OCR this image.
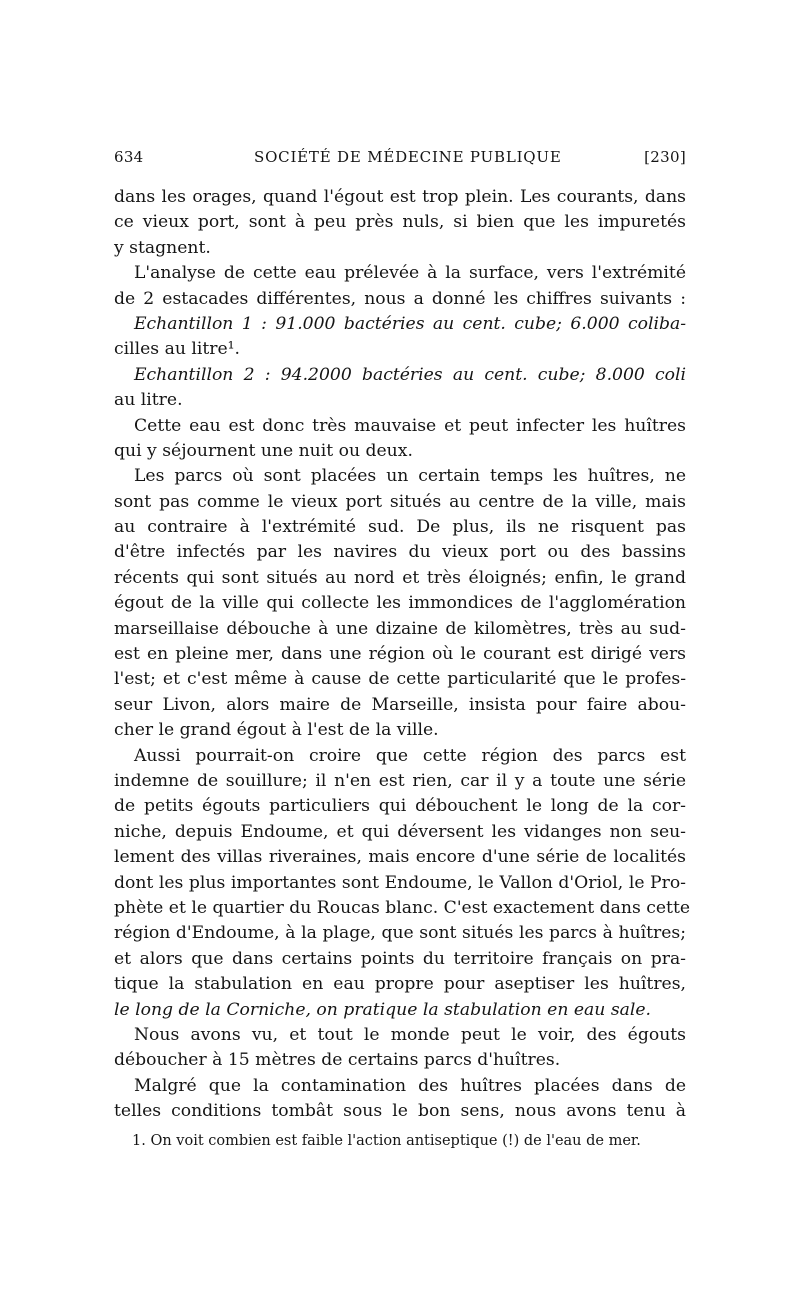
634	SOCIÉTÉ DE MÉDECINE PUBLIQUE	[230]
dans les orages, quand l'égout est trop plein. Les courants, dans
ce vieux port, sont à peu près nuls, si bien que les impuretés
y stagnent.
L'analyse de cette eau prélevée à la surface, vers l'extrémité
de 2 estacades différentes, nous a donné les chiffres suivants :
Echantillon 1 : 91.000 bactéries au cent. cube; 6.000 coliba-
cilles au litre¹.
Echantillon 2 : 94.2000 bactéries au cent. cube; 8.000 coli
au litre.
Cette eau est donc très mauvaise et peut infecter les huîtres
qui y séjournent une nuit ou deux.
Les parcs où sont placées un certain temps les huîtres, ne
sont pas comme le vieux port situés au centre de la ville, mais
au contraire à l'extrémité sud. De plus, ils ne risquent pas
d'être infectés par les navires du vieux port ou des bassins
récents qui sont situés au nord et très éloignés; enfin, le grand
égout de la ville qui collecte les immondices de l'agglomération
marseillaise débouche à une dizaine de kilomètres, très au sud-
est en pleine mer, dans une région où le courant est dirigé vers
l'est; et c'est même à cause de cette particularité que le profes-
seur Livon, alors maire de Marseille, insista pour faire abou-
cher le grand égout à l'est de la ville.
Aussi pourrait-on croire que cette région des parcs est
indemne de souillure; il n'en est rien, car il y a toute une série
de petits égouts particuliers qui débouchent le long de la cor-
niche, depuis Endoume, et qui déversent les vidanges non seu-
lement des villas riveraines, mais encore d'une série de localités
dont les plus importantes sont Endoume, le Vallon d'Oriol, le Pro-
phète et le quartier du Roucas blanc. C'est exactement dans cette
région d'Endoume, à la plage, que sont situés les parcs à huîtres;
et alors que dans certains points du territoire français on pra-
tique la stabulation en eau propre pour aseptiser les huîtres,
le long de la Corniche, on pratique la stabulation en eau sale.
Nous avons vu, et tout le monde peut le voir, des égouts
déboucher à 15 mètres de certains parcs d'huîtres.
Malgré que la contamination des huîtres placées dans de
telles conditions tombât sous le bon sens, nous avons tenu à
1. On voit combien est faible l'action antiseptique (!) de l'eau de mer.
